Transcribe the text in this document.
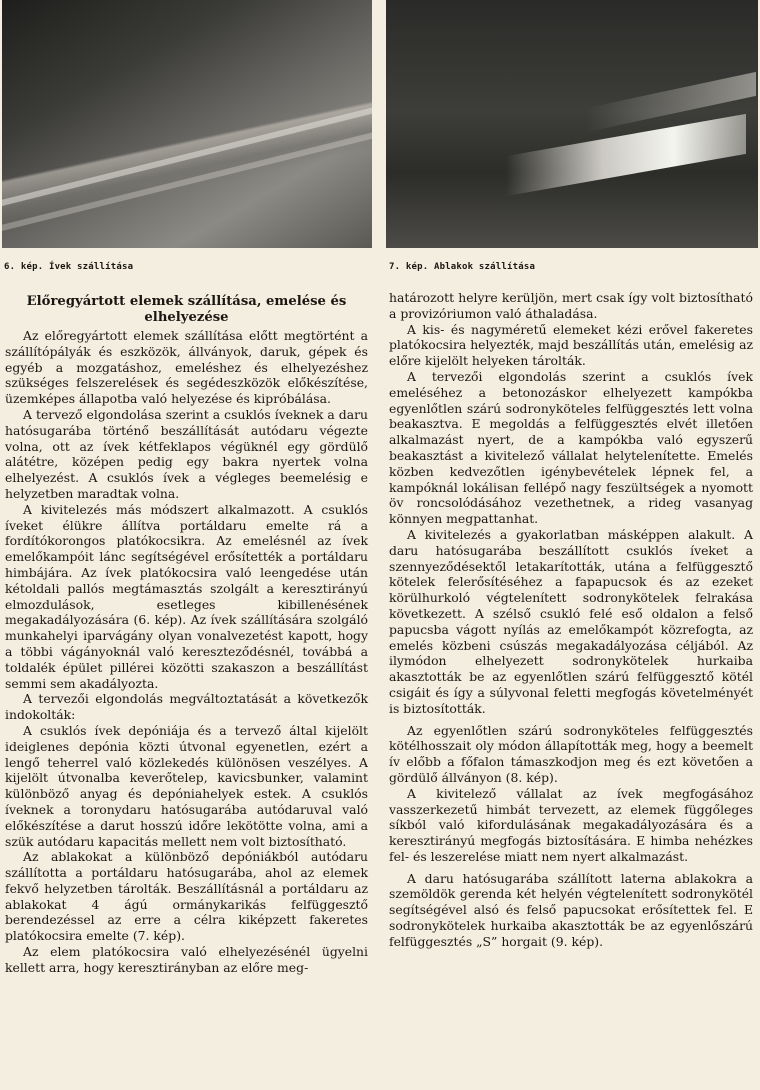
6. kép. Ívek szállítása	7. kép. Ablakok szállítása
Előregyártott elemek szállítása, emelése és elhelyezése

Az előregyártott elemek szállítása előtt megtörtént a szállítópályák és eszközök, állványok, daruk, gépek és egyéb a mozgatáshoz, emeléshez és elhelyezéshez szükséges felszerelések és segédeszközök előkészítése, üzemképes állapotba való helyezése és kipróbálása.

A tervező elgondolása szerint a csuklós íveknek a daru hatósugarába történő beszállítását autódaru végezte volna, ott az ívek kétfeklapos végüknél egy gördülő alátétre, középen pedig egy bakra nyertek volna elhelyezést. A csuklós ívek a végleges beemelésig e helyzetben maradtak volna.

A kivitelezés más módszert alkalmazott. A csuklós íveket élükre állítva portáldaru emelte rá a fordítókorongos platókocsikra. Az emelésnél az ívek emelőkampóit lánc segítségével erősítették a portáldaru himbájára. Az ívek platókocsira való leengedése után kétoldali pallós megtámasztás szolgált a keresztirányú elmozdulások, esetleges kibillenésének megakadályozására (6. kép). Az ívek szállítására szolgáló munkahelyi iparvágány olyan vonalvezetést kapott, hogy a többi vágányoknál való kereszteződésnél, továbbá a toldalék épület pillérei közötti szakaszon a beszállítást semmi sem akadályozta.

A tervezői elgondolás megváltoztatását a következők indokolták:

A csuklós ívek depóniája és a tervező által kijelölt ideiglenes depónia közti útvonal egyenetlen, ezért a lengő teherrel való közlekedés különösen veszélyes. A kijelölt útvonalba keverőtelep, kavicsbunker, valamint különböző anyag és depóniahelyek estek. A csuklós íveknek a toronydaru hatósugarába autódaruval való előkészítése a darut hosszú időre lekötötte volna, ami a szük autódaru kapacitás mellett nem volt biztosítható.

Az ablakokat a különböző depóniákból autódaru szállította a portáldaru hatósugarába, ahol az elemek fekvő helyzetben tárolták. Beszállításnál a portáldaru az ablakokat 4 ágú ormánykarikás felfüggesztő berendezéssel az erre a célra kiképzett fakeretes platókocsira emelte (7. kép).

Az elem platókocsira való elhelyezésénél ügyelni kellett arra, hogy keresztirányban az előre meg-

határozott helyre kerüljön, mert csak így volt biztosítható a provizóriumon való áthaladása.

A kis- és nagyméretű elemeket kézi erővel fakeretes platókocsira helyezték, majd beszállítás után, emelésig az előre kijelölt helyeken tárolták.

A tervezői elgondolás szerint a csuklós ívek emeléséhez a betonozáskor elhelyezett kampókba egyenlőtlen szárú sodronyköteles felfüggesztés lett volna beakasztva. E megoldás a felfüggesztés elvét illetően alkalmazást nyert, de a kampókba való egyszerű beakasztást a kivitelező vállalat helytelenítette. Emelés közben kedvezőtlen igénybevételek lépnek fel, a kampóknál lokálisan fellépő nagy feszültségek a nyomott öv roncsolódásához vezethetnek, a rideg vasanyag könnyen megpattanhat.

A kivitelezés a gyakorlatban másképpen alakult. A daru hatósugarába beszállított csuklós íveket a szennyeződésektől letakarították, utána a felfüggesztő kötelek felerősítéséhez a fapapucsok és az ezeket körülhurkoló végtelenített sodronykötelek felrakása következett. A szélső csukló felé eső oldalon a felső papucsba vágott nyílás az emelőkampót közrefogta, az emelés közbeni csúszás megakadályozása céljából. Az ilymódon elhelyezett sodronykötelek hurkaiba akasztották be az egyenlőtlen szárú felfüggesztő kötél csigáit és így a súlyvonal feletti megfogás követelményét is biztosították.

Az egyenlőtlen szárú sodronyköteles felfüggesztés kötélhosszait oly módon állapították meg, hogy a beemelt ív előbb a főfalon támaszkodjon meg és ezt követően a gördülő állványon (8. kép).

A kivitelező vállalat az ívek megfogásához vasszerkezetű himbát tervezett, az elemek függőleges síkból való kifordulásának megakadályozására és a keresztirányú megfogás biztosítására. E himba nehézkes fel- és leszerelése miatt nem nyert alkalmazást.

A daru hatósugarába szállított laterna ablakokra a szemöldök gerenda két helyén végtelenített sodronykötél segítségével alsó és felső papucsokat erősítettek fel. E sodronykötelek hurkaiba akasztották be az egyenlőszárú felfüggesztés „S” horgait (9. kép).
